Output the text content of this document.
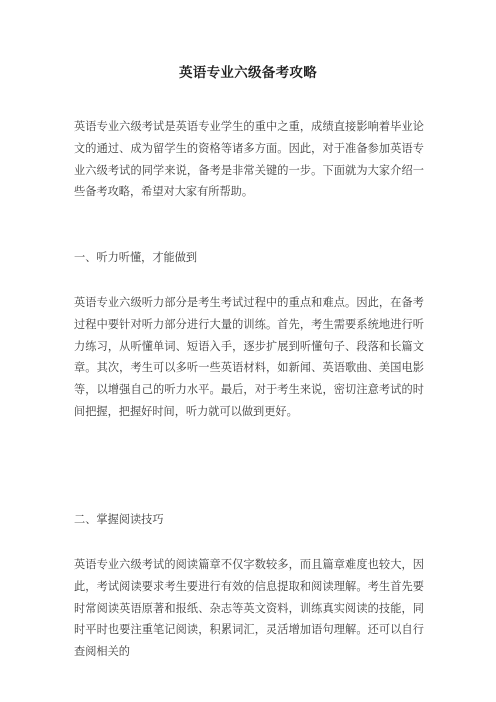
英语专业六级备考攻略
英语专业六级考试是英语专业学生的重中之重，成绩直接影响着毕业论文的通过、成为留学生的资格等诸多方面。因此，对于准备参加英语专业六级考试的同学来说，备考是非常关键的一步。下面就为大家介绍一些备考攻略，希望对大家有所帮助。
一、听力听懂，才能做到
英语专业六级听力部分是考生考试过程中的重点和难点。因此，在备考过程中要针对听力部分进行大量的训练。首先，考生需要系统地进行听力练习，从听懂单词、短语入手，逐步扩展到听懂句子、段落和长篇文章。其次，考生可以多听一些英语材料，如新闻、英语歌曲、美国电影等，以增强自己的听力水平。最后，对于考生来说，密切注意考试的时间把握，把握好时间，听力就可以做到更好。
二、掌握阅读技巧
英语专业六级考试的阅读篇章不仅字数较多，而且篇章难度也较大，因此，考试阅读要求考生要进行有效的信息提取和阅读理解。考生首先要时常阅读英语原著和报纸、杂志等英文资料，训练真实阅读的技能，同时平时也要注重笔记阅读，积累词汇，灵活增加语句理解。还可以自行查阅相关的
